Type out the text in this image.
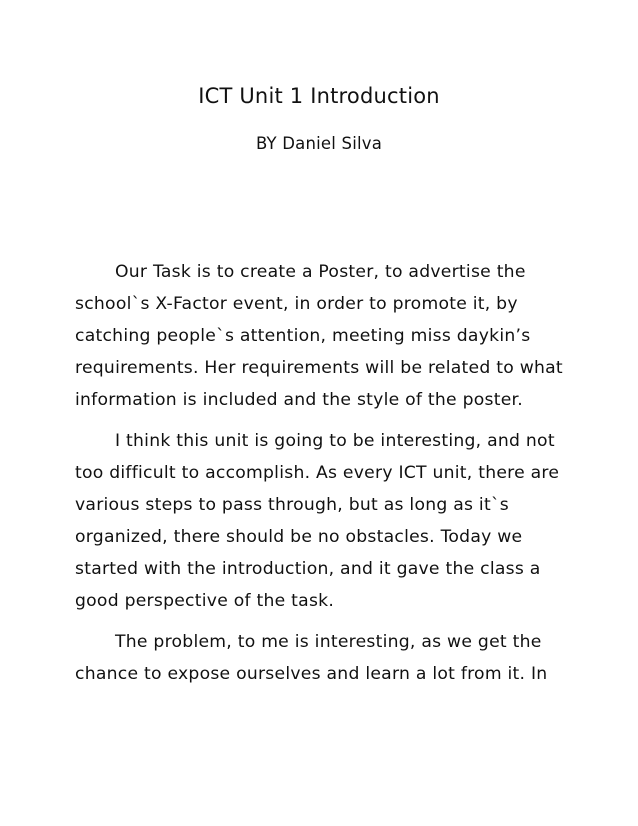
ICT Unit 1 Introduction
BY Daniel Silva

Our Task is to create a Poster, to advertise the school`s X-Factor event, in order to promote it, by catching people`s attention, meeting miss daykin’s requirements. Her requirements will be related to what information is included and the style of the poster.

I think this unit is going to be interesting, and not too difficult to accomplish. As every ICT unit, there are various steps to pass through, but as long as it`s organized, there should be no obstacles. Today we started with the introduction, and it gave the class a good perspective of the task.

The problem, to me is interesting, as we get the chance to expose ourselves and learn a lot from it. In
